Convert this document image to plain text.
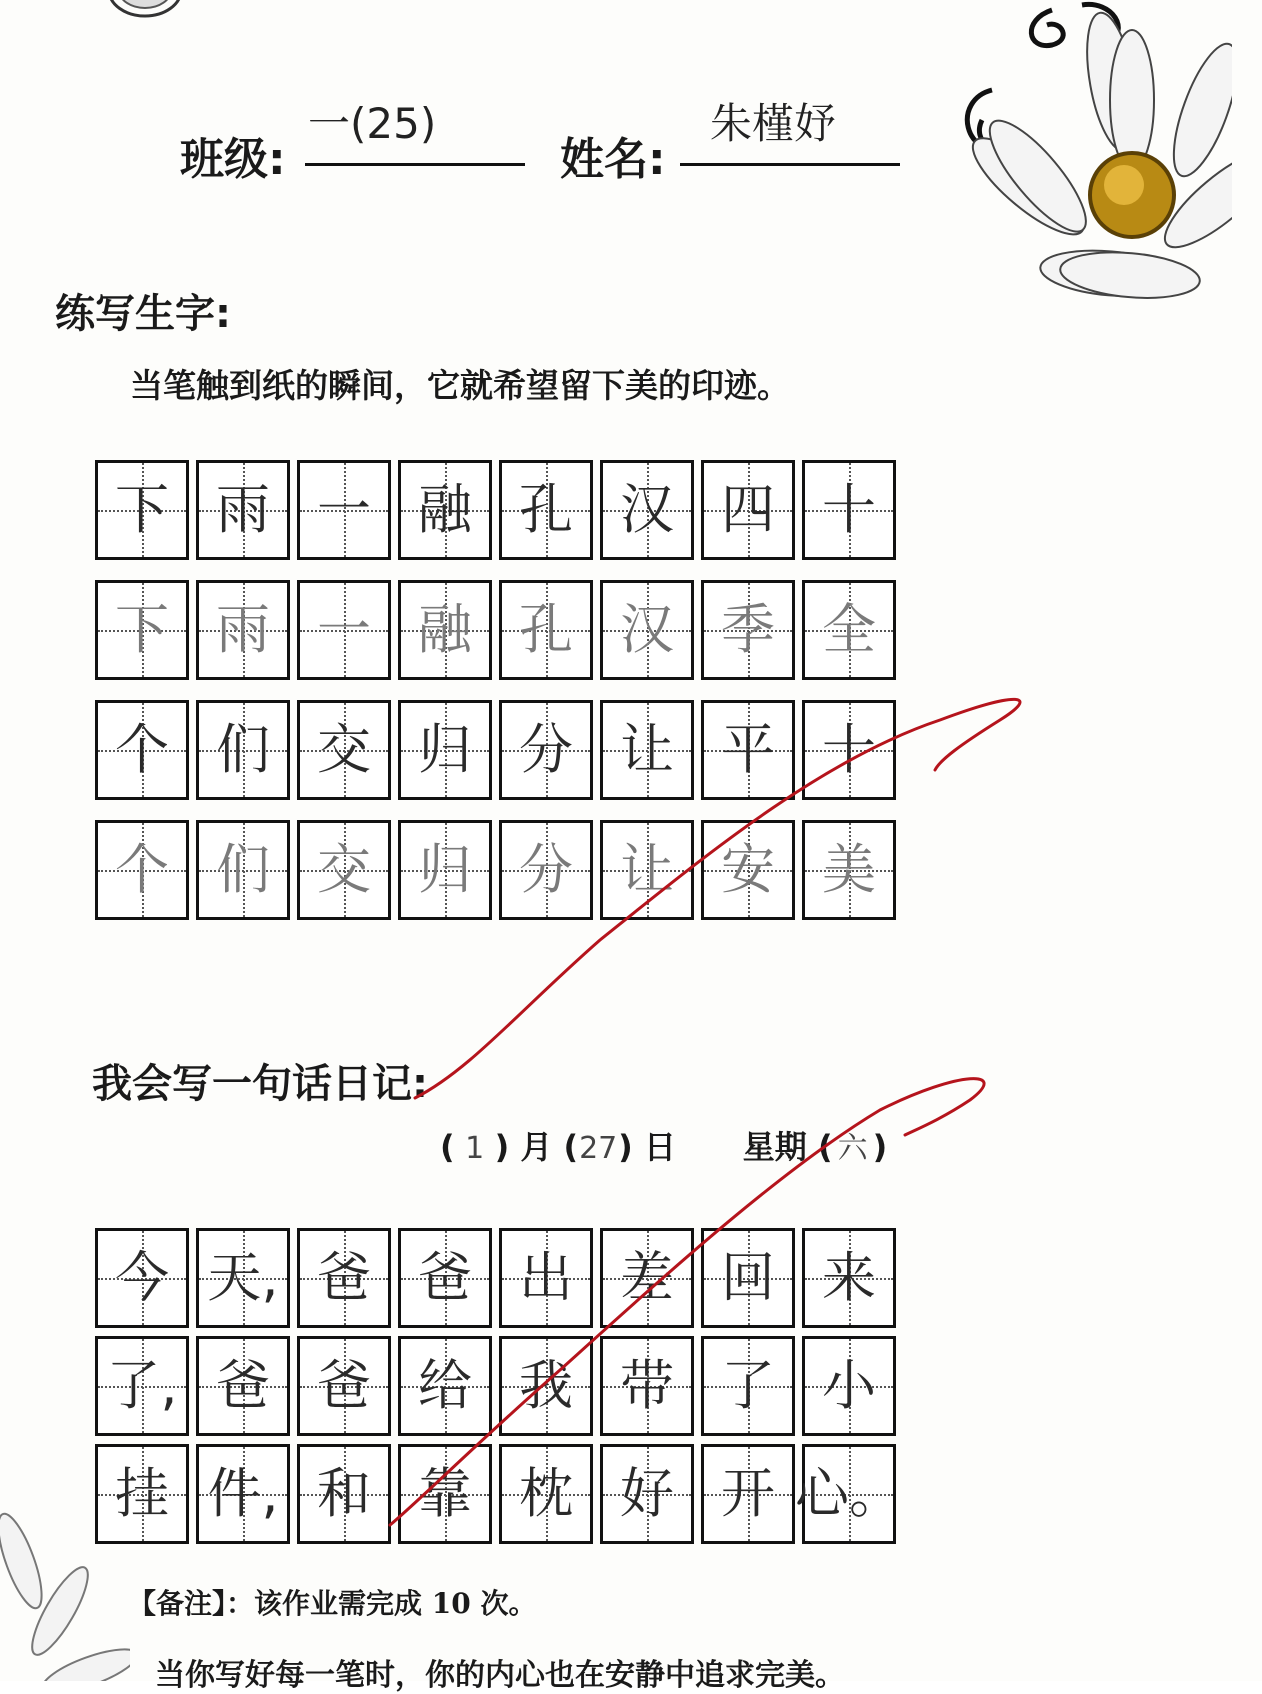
班级:
一(25)
姓名:
朱槿妤
练写生字:
当笔触到纸的瞬间，它就希望留下美的印迹。
下 雨 一 融 孔 汉 四 十
下 雨 一 融 孔 汉 季 全
个 们 交 归 分 让 平 十
个 们 交 归 分 让 安 美
我会写一句话日记:
( 1 ) 月 (27) 日 星期 ( 六 )
今 天, 爸 爸 出 差 回 来
了, 爸 爸 给 我 带 了 小
挂 件, 和 靠 枕 好 开 心。
【备注】：该作业需完成 10 次。
当你写好每一笔时，你的内心也在安静中追求完美。
